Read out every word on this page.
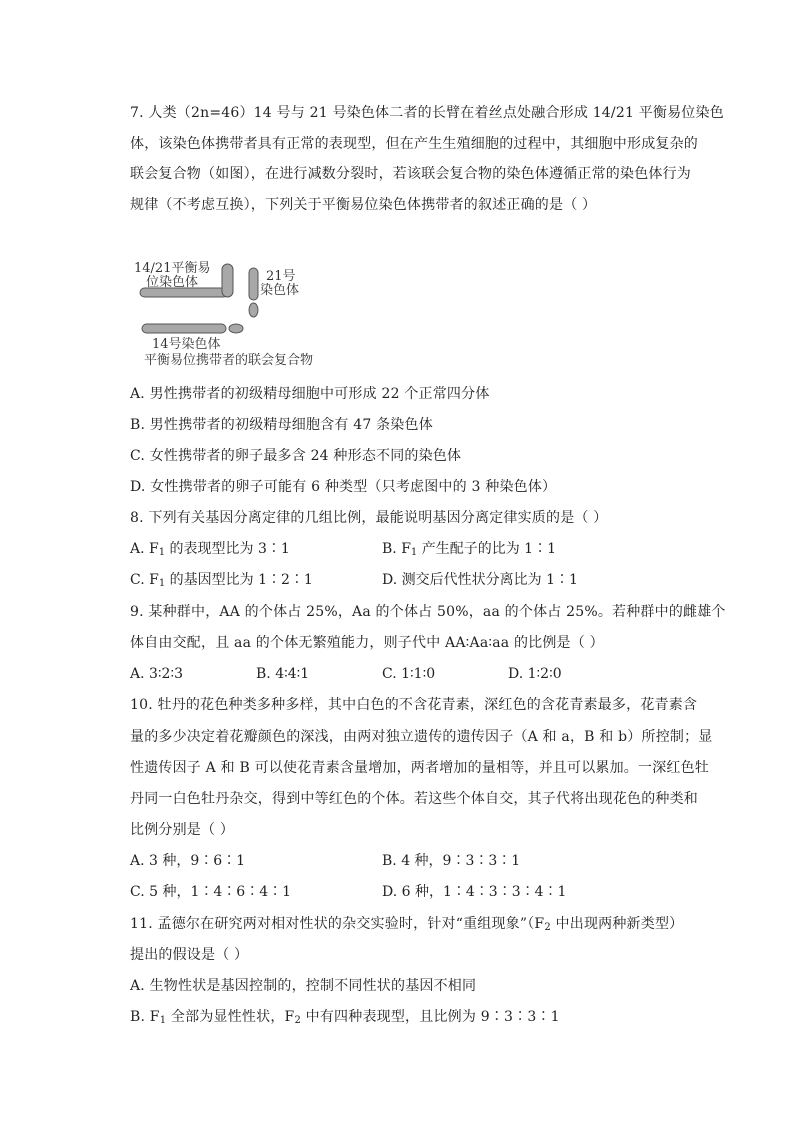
7. 人类（2n=46）14 号与 21 号染色体二者的长臂在着丝点处融合形成 14/21 平衡易位染色
体，该染色体携带者具有正常的表现型，但在产生生殖细胞的过程中，其细胞中形成复杂的
联会复合物（如图），在进行减数分裂时，若该联会复合物的染色体遵循正常的染色体行为
规律（不考虑互换），下列关于平衡易位染色体携带者的叙述正确的是（ ）
14/21平衡易
位染色体	21号
染色体
14号染色体
平衡易位携带者的联会复合物
A. 男性携带者的初级精母细胞中可形成 22 个正常四分体
B. 男性携带者的初级精母细胞含有 47 条染色体
C. 女性携带者的卵子最多含 24 种形态不同的染色体
D. 女性携带者的卵子可能有 6 种类型（只考虑图中的 3 种染色体）
8. 下列有关基因分离定律的几组比例，最能说明基因分离定律实质的是（ ）
A. $F_1$ 的表现型比为 3∶1	B. $F_1$ 产生配子的比为 1∶1
C. $F_1$ 的基因型比为 1∶2∶1	D. 测交后代性状分离比为 1∶1
9. 某种群中，AA 的个体占 25%，Aa 的个体占 50%，aa 的个体占 25%。若种群中的雌雄个
体自由交配，且 aa 的个体无繁殖能力，则子代中 AA∶Aa∶aa 的比例是（ ）
A. 3∶2∶3	B. 4∶4∶1	C. 1∶1∶0	D. 1∶2∶0
10. 牡丹的花色种类多种多样，其中白色的不含花青素，深红色的含花青素最多，花青素含
量的多少决定着花瓣颜色的深浅，由两对独立遗传的遗传因子（A 和 a，B 和 b）所控制；显
性遗传因子 A 和 B 可以使花青素含量增加，两者增加的量相等，并且可以累加。一深红色牡
丹同一白色牡丹杂交，得到中等红色的个体。若这些个体自交，其子代将出现花色的种类和
比例分别是（ ）
A. 3 种，9∶6∶1	B. 4 种，9∶3∶3∶1
C. 5 种，1∶4∶6∶4∶1	D. 6 种，1∶4∶3∶3∶4∶1
11. 孟德尔在研究两对相对性状的杂交实验时，针对“重组现象$”(F_2$ 中出现两种新类型）
提出的假设是（ ）
A. 生物性状是基因控制的，控制不同性状的基因不相同
B. $F_1$ 全部为显性性状，$F_2$ 中有四种表现型，且比例为 9∶3∶3∶1
